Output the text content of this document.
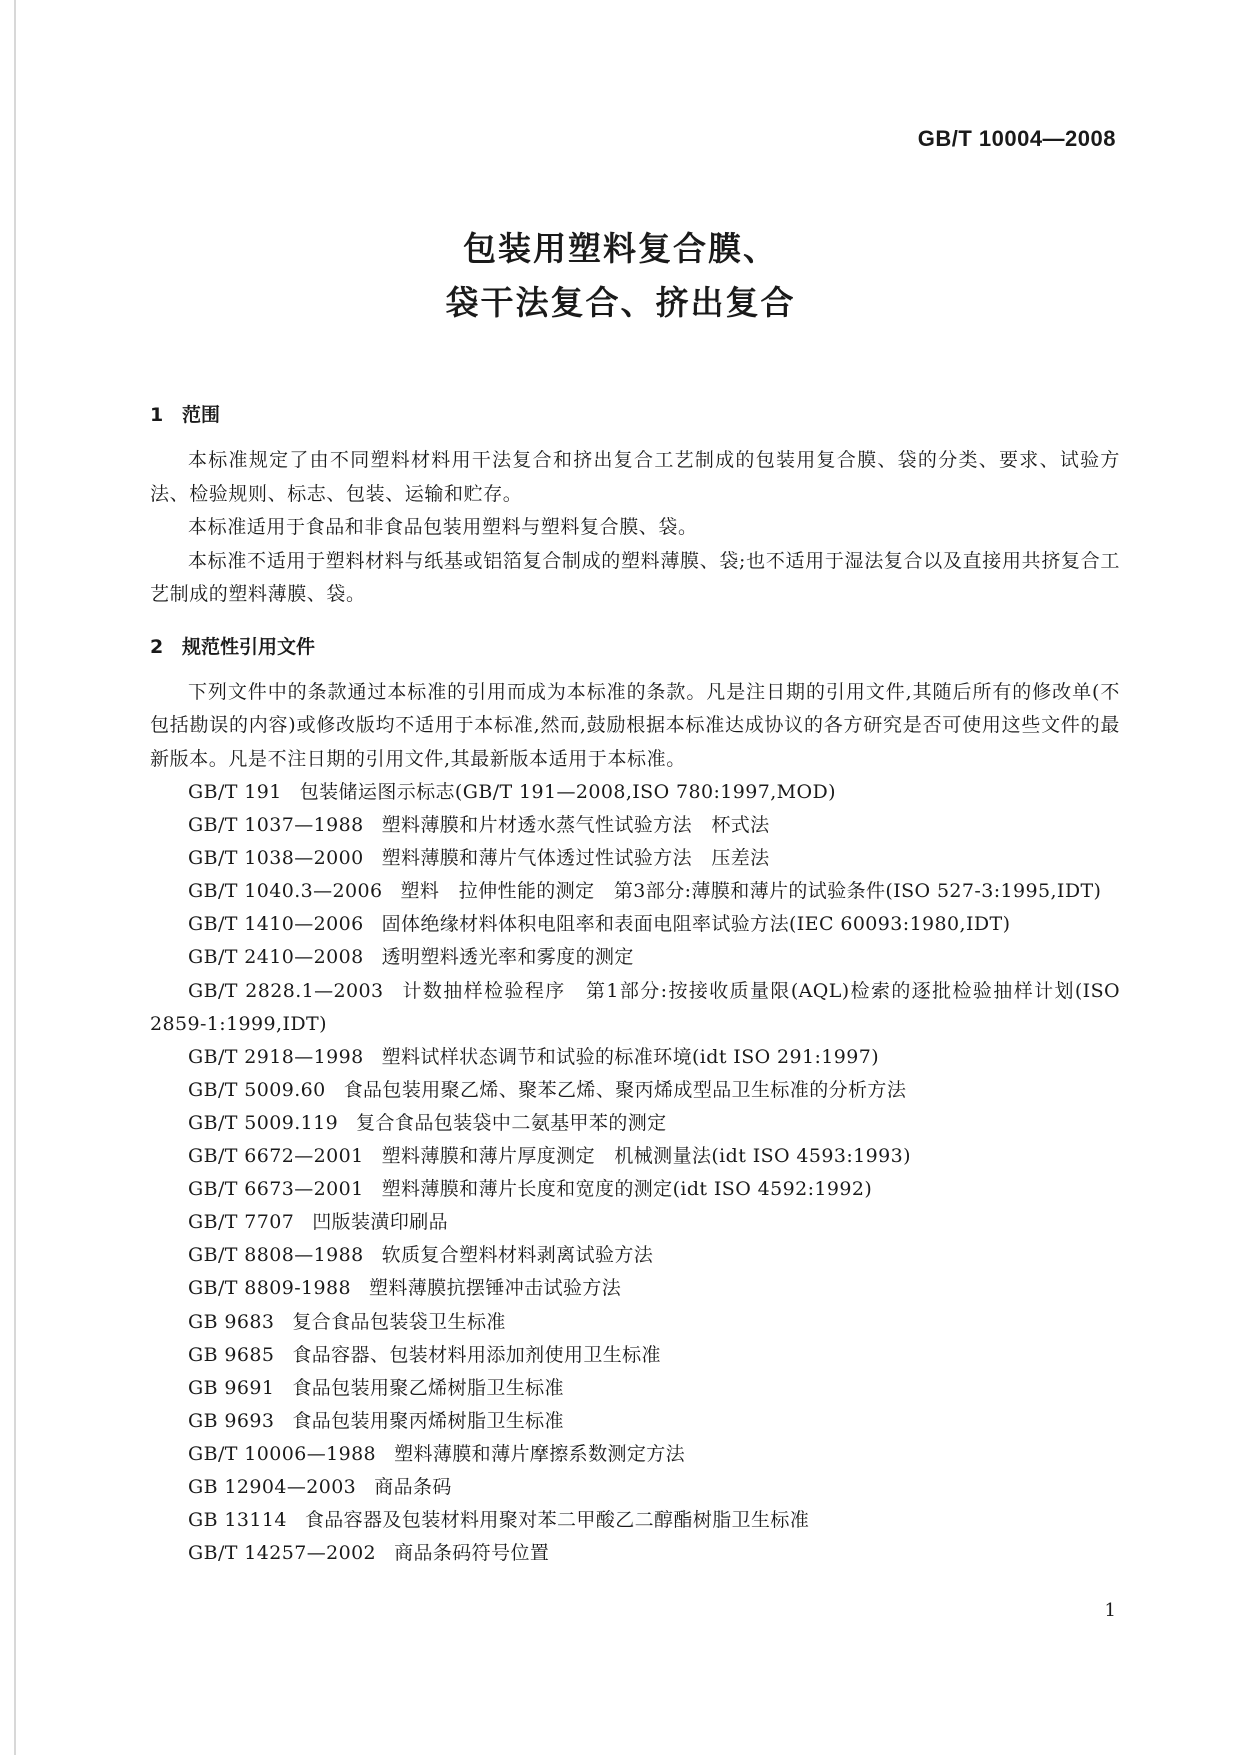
GB/T 10004—2008
包装用塑料复合膜、
袋干法复合、挤出复合
1 范围

本标准规定了由不同塑料材料用干法复合和挤出复合工艺制成的包装用复合膜、袋的分类、要求、试验方法、检验规则、标志、包装、运输和贮存。

本标准适用于食品和非食品包装用塑料与塑料复合膜、袋。

本标准不适用于塑料材料与纸基或铝箔复合制成的塑料薄膜、袋;也不适用于湿法复合以及直接用共挤复合工艺制成的塑料薄膜、袋。

2 规范性引用文件

下列文件中的条款通过本标准的引用而成为本标准的条款。凡是注日期的引用文件,其随后所有的修改单(不包括勘误的内容)或修改版均不适用于本标准,然而,鼓励根据本标准达成协议的各方研究是否可使用这些文件的最新版本。凡是不注日期的引用文件,其最新版本适用于本标准。

GB/T 191 包装储运图示标志(GB/T 191—2008,ISO 780:1997,MOD)
GB/T 1037—1988 塑料薄膜和片材透水蒸气性试验方法　杯式法
GB/T 1038—2000 塑料薄膜和薄片气体透过性试验方法　压差法
GB/T 1040.3—2006 塑料　拉伸性能的测定　第3部分:薄膜和薄片的试验条件(ISO 527-3:1995,IDT)
GB/T 1410—2006 固体绝缘材料体积电阻率和表面电阻率试验方法(IEC 60093:1980,IDT)
GB/T 2410—2008 透明塑料透光率和雾度的测定
GB/T 2828.1—2003 计数抽样检验程序　第1部分:按接收质量限(AQL)检索的逐批检验抽样计划(ISO 2859-1:1999,IDT)
GB/T 2918—1998 塑料试样状态调节和试验的标准环境(idt ISO 291:1997)
GB/T 5009.60 食品包装用聚乙烯、聚苯乙烯、聚丙烯成型品卫生标准的分析方法
GB/T 5009.119 复合食品包装袋中二氨基甲苯的测定
GB/T 6672—2001 塑料薄膜和薄片厚度测定　机械测量法(idt ISO 4593:1993)
GB/T 6673—2001 塑料薄膜和薄片长度和宽度的测定(idt ISO 4592:1992)
GB/T 7707 凹版装潢印刷品
GB/T 8808—1988 软质复合塑料材料剥离试验方法
GB/T 8809-1988 塑料薄膜抗摆锤冲击试验方法
GB 9683 复合食品包装袋卫生标准
GB 9685 食品容器、包装材料用添加剂使用卫生标准
GB 9691 食品包装用聚乙烯树脂卫生标准
GB 9693 食品包装用聚丙烯树脂卫生标准
GB/T 10006—1988 塑料薄膜和薄片摩擦系数测定方法
GB 12904—2003 商品条码
GB 13114 食品容器及包装材料用聚对苯二甲酸乙二醇酯树脂卫生标准
GB/T 14257—2002 商品条码符号位置
1
